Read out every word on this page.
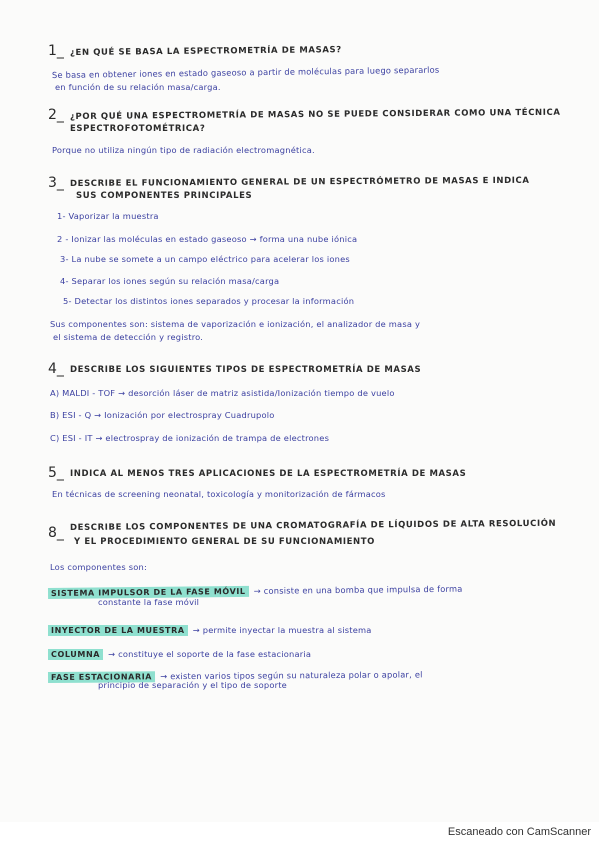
1_ ¿EN QUÉ SE BASA LA ESPECTROMETRÍA DE MASAS?
Se basa en obtener iones en estado gaseoso a partir de moléculas para luego separarlos
en función de su relación masa/carga.
2_ ¿POR QUÉ UNA ESPECTROMETRÍA DE MASAS NO SE PUEDE CONSIDERAR COMO UNA TÉCNICA
ESPECTROFOTOMÉTRICA?
Porque no utiliza ningún tipo de radiación electromagnética.
3_ DESCRIBE EL FUNCIONAMIENTO GENERAL DE UN ESPECTRÓMETRO DE MASAS E INDICA
SUS COMPONENTES PRINCIPALES
1- Vaporizar la muestra
2 - Ionizar las moléculas en estado gaseoso → forma una nube iónica
3- La nube se somete a un campo eléctrico para acelerar los iones
4- Separar los iones según su relación masa/carga
5- Detectar los distintos iones separados y procesar la información
Sus componentes son: sistema de vaporización e ionización, el analizador de masa y
el sistema de detección y registro.
4_ DESCRIBE LOS SIGUIENTES TIPOS DE ESPECTROMETRÍA DE MASAS
A) MALDI - TOF → desorción láser de matriz asistida/Ionización tiempo de vuelo
B) ESI - Q → Ionización por electrospray Cuadrupolo
C) ESI - IT → electrospray de ionización de trampa de electrones
5_ INDICA AL MENOS TRES APLICACIONES DE LA ESPECTROMETRÍA DE MASAS
En técnicas de screening neonatal, toxicología y monitorización de fármacos
8_ DESCRIBE LOS COMPONENTES DE UNA CROMATOGRAFÍA DE LÍQUIDOS DE ALTA RESOLUCIÓN
Y EL PROCEDIMIENTO GENERAL DE SU FUNCIONAMIENTO
Los componentes son:
SISTEMA IMPULSOR DE LA FASE MÓVIL → consiste en una bomba que impulsa de forma
constante la fase móvil
INYECTOR DE LA MUESTRA → permite inyectar la muestra al sistema
COLUMNA → constituye el soporte de la fase estacionaria
FASE ESTACIONARIA → existen varios tipos según su naturaleza polar o apolar, el
principio de separación y el tipo de soporte
Escaneado con CamScanner
